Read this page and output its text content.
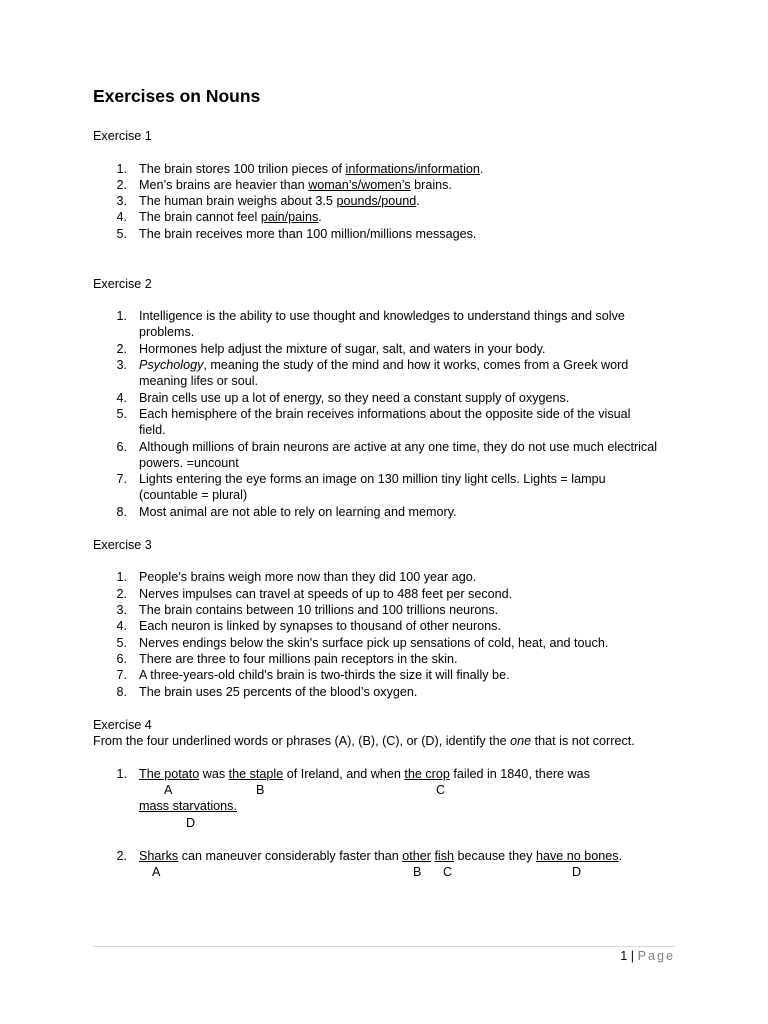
Exercises on Nouns
Exercise 1
1. The brain stores 100 trilion pieces of informations/information.
2. Men’s brains are heavier than woman’s/women’s brains.
3. The human brain weighs about 3.5 pounds/pound.
4. The brain cannot feel pain/pains.
5. The brain receives more than 100 million/millions messages.
Exercise 2
1. Intelligence is the ability to use thought and knowledges to understand things and solve problems.
2. Hormones help adjust the mixture of sugar, salt, and waters in your body.
3. Psychology, meaning the study of the mind and how it works, comes from a Greek word meaning lifes or soul.
4. Brain cells use up a lot of energy, so they need a constant supply of oxygens.
5. Each hemisphere of the brain receives informations about the opposite side of the visual field.
6. Although millions of brain neurons are active at any one time, they do not use much electrical powers. =uncount
7. Lights entering the eye forms an image on 130 million tiny light cells. Lights = lampu (countable = plural)
8. Most animal are not able to rely on learning and memory.
Exercise 3
1. People’s brains weigh more now than they did 100 year ago.
2. Nerves impulses can travel at speeds of up to 488 feet per second.
3. The brain contains between 10 trillions and 100 trillions neurons.
4. Each neuron is linked by synapses to thousand of other neurons.
5. Nerves endings below the skin's surface pick up sensations of cold, heat, and touch.
6. There are three to four millions pain receptors in the skin.
7. A three-years-old child's brain is two-thirds the size it will finally be.
8. The brain uses 25 percents of the blood’s oxygen.
Exercise 4
From the four underlined words or phrases (A), (B), (C), or (D), identify the one that is not correct.
1. The potato was the staple of Ireland, and when the crop failed in 1840, there was
A	B	C
mass starvations.
D
2. Sharks can maneuver considerably faster than other fish because they have no bones.
A	B C	D
1 | Page
